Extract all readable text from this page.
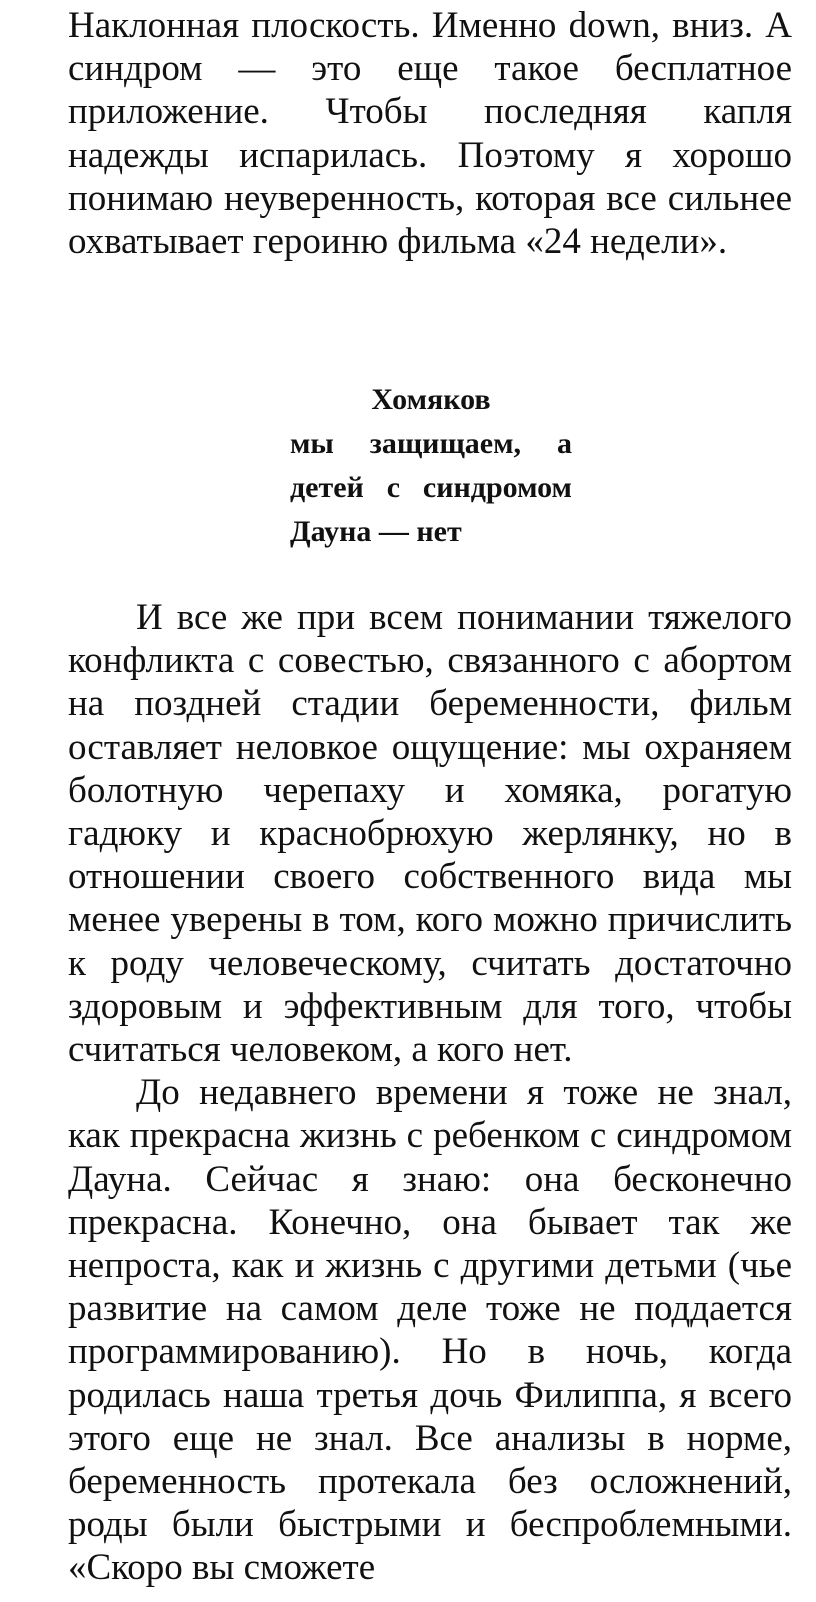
Наклонная плоскость. Именно down, вниз. А синдром — это еще такое бесплатное приложение. Чтобы последняя капля надежды испарилась. Поэтому я хорошо понимаю неуверенность, которая все сильнее охватывает героиню фильма «24 недели».

Хомяков
мы защищаем, а детей с синдромом Дауна — нет

И все же при всем понимании тяжелого конфликта с совестью, связанного с абортом на поздней стадии беременности, фильм оставляет неловкое ощущение: мы охраняем болотную черепаху и хомяка, рогатую гадюку и краснобрюхую жерлянку, но в отношении своего собственного вида мы менее уверены в том, кого можно причислить к роду человеческому, считать достаточно здоровым и эффективным для того, чтобы считаться человеком, а кого нет.

До недавнего времени я тоже не знал, как прекрасна жизнь с ребенком с синдромом Дауна. Сейчас я знаю: она бесконечно прекрасна. Конечно, она бывает так же непроста, как и жизнь с другими детьми (чье развитие на самом деле тоже не поддается программированию). Но в ночь, когда родилась наша третья дочь Филиппа, я всего этого еще не знал. Все анализы в норме, беременность протекала без осложнений, роды были быстрыми и беспроблемными. «Скоро вы сможете
